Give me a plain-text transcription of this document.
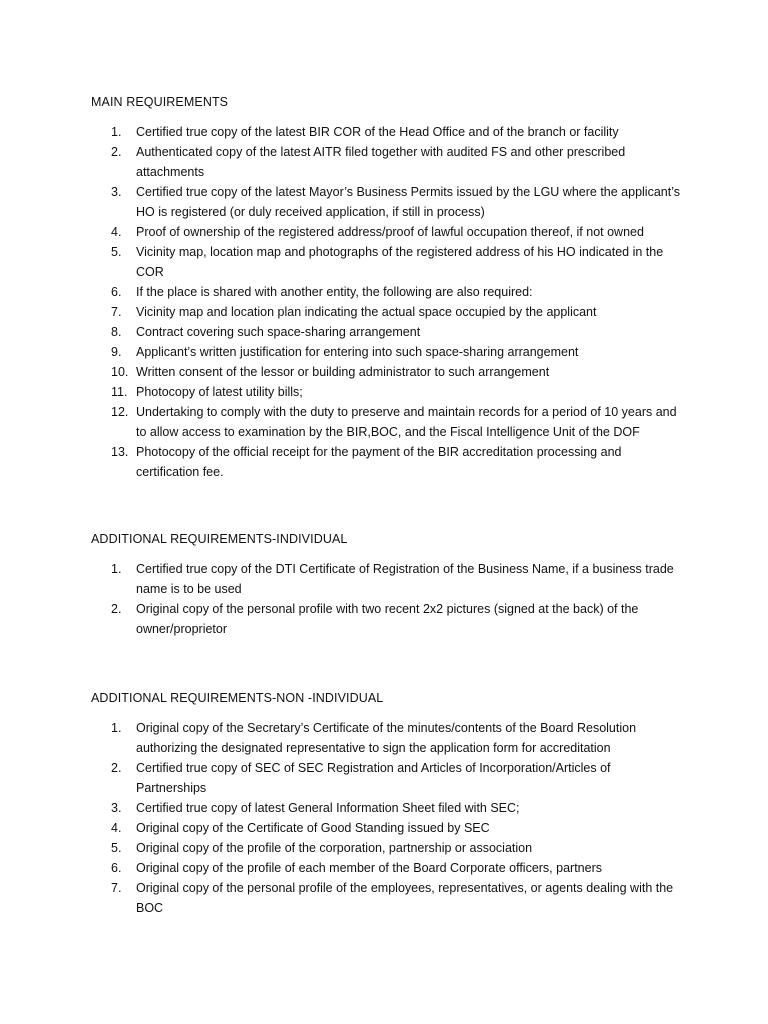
MAIN REQUIREMENTS
1.	Certified true copy of the latest BIR COR of the Head Office and of the branch or facility
2.	Authenticated copy of the latest AITR filed together with audited FS and other prescribed attachments
3.	Certified true copy of the latest Mayor’s Business Permits issued by the LGU where the applicant’s HO is registered (or duly received application, if still in process)
4.	Proof of ownership of the registered address/proof of lawful occupation thereof, if not owned
5.	Vicinity map, location map and photographs of the registered address of his HO indicated in the COR
6.	If the place is shared with another entity, the following are also required:
7.	Vicinity map and location plan indicating the actual space occupied by the applicant
8.	Contract covering such space-sharing arrangement
9.	Applicant’s written justification for entering into such space-sharing arrangement
10. Written consent of the lessor or building administrator to such arrangement
11. Photocopy of latest utility bills;
12. Undertaking to comply with the duty to preserve and maintain records for a period of 10 years and to allow access to examination by the BIR,BOC, and the Fiscal Intelligence Unit of the DOF
13. Photocopy of the official receipt for the payment of the BIR accreditation processing and certification fee.
ADDITIONAL REQUIREMENTS-INDIVIDUAL
1.	Certified true copy of the DTI Certificate of Registration of the Business Name, if a business trade name is to be used
2.	Original copy of the personal profile with two recent 2x2 pictures (signed at the back) of the owner/proprietor
ADDITIONAL REQUIREMENTS-NON -INDIVIDUAL
1.	Original copy of the Secretary’s Certificate of the minutes/contents of the Board Resolution authorizing the designated representative to sign the application form for accreditation
2.	Certified true copy of SEC of SEC Registration and Articles of Incorporation/Articles of Partnerships
3.	Certified true copy of latest General Information Sheet filed with SEC;
4.	Original copy of the Certificate of Good Standing issued by SEC
5.	Original copy of the profile of the corporation, partnership or association
6.	Original copy of the profile of each member of the Board Corporate officers, partners
7.	Original copy of the personal profile of the employees, representatives, or agents dealing with the BOC
